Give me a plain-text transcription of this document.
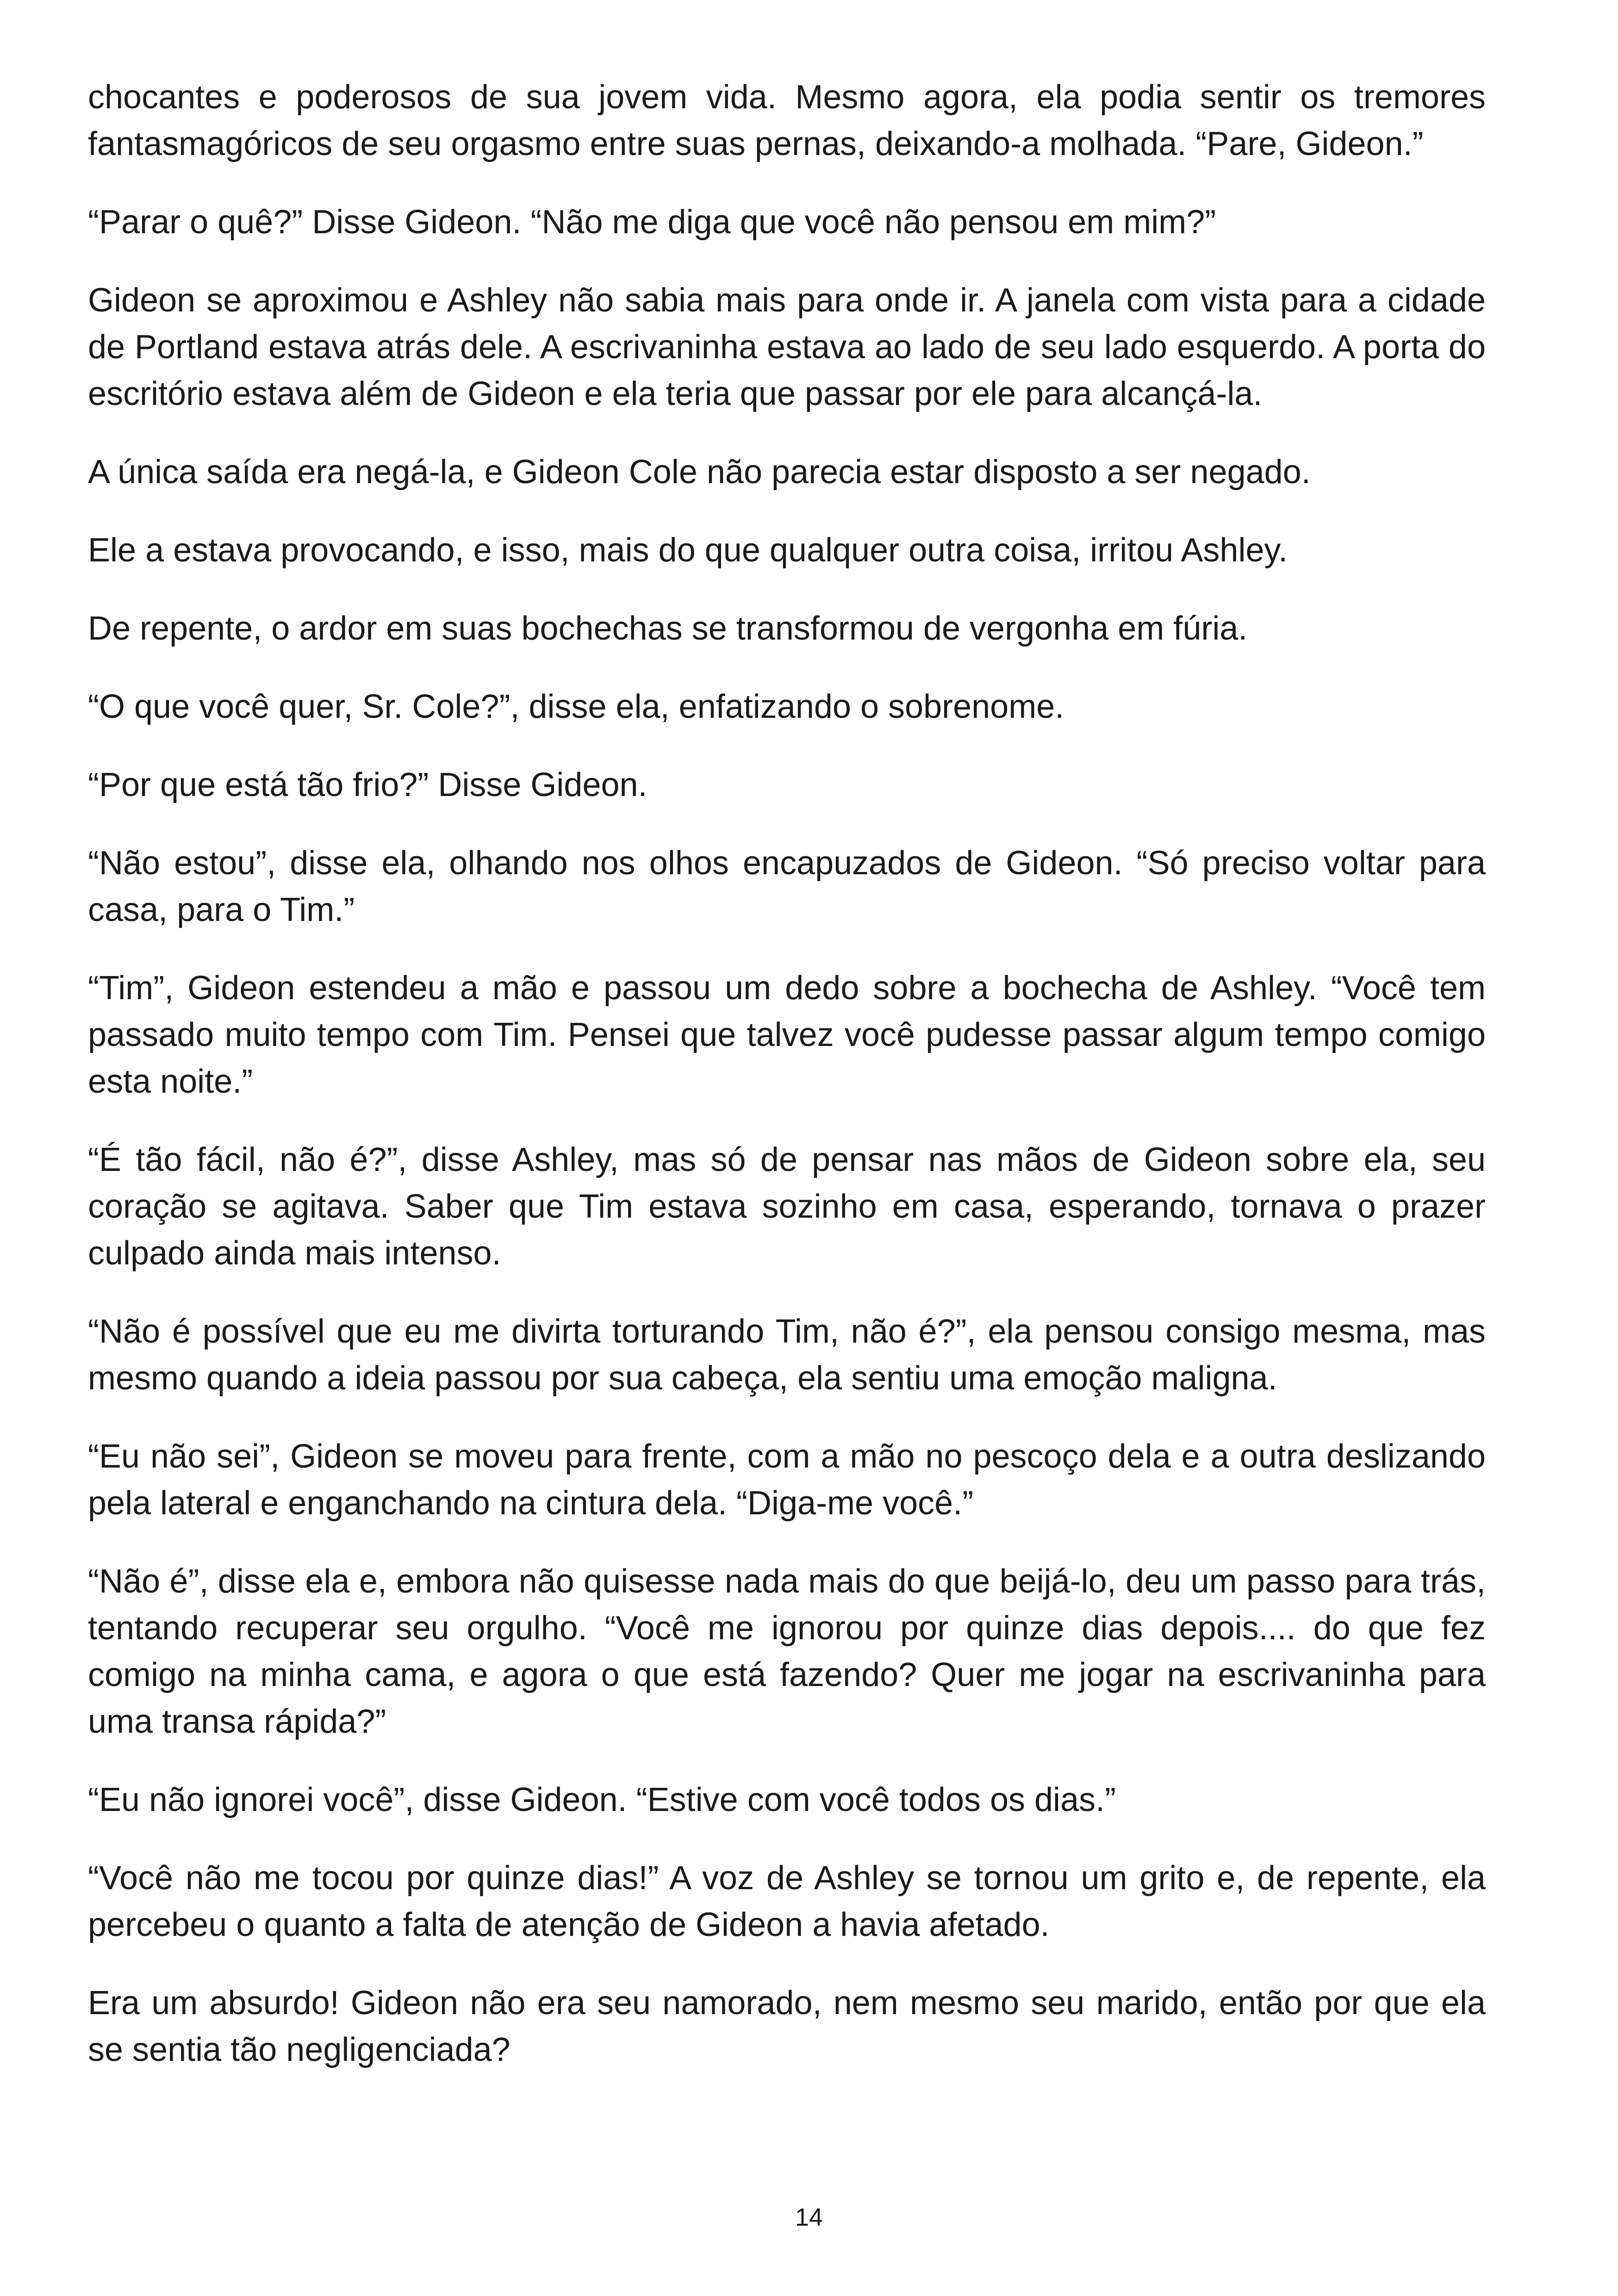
chocantes e poderosos de sua jovem vida. Mesmo agora, ela podia sentir os tremores fantasmagóricos de seu orgasmo entre suas pernas, deixando-a molhada. “Pare, Gideon.”

“Parar o quê?” Disse Gideon. “Não me diga que você não pensou em mim?”

Gideon se aproximou e Ashley não sabia mais para onde ir. A janela com vista para a cidade de Portland estava atrás dele. A escrivaninha estava ao lado de seu lado esquerdo. A porta do escritório estava além de Gideon e ela teria que passar por ele para alcançá-la.

A única saída era negá-la, e Gideon Cole não parecia estar disposto a ser negado.

Ele a estava provocando, e isso, mais do que qualquer outra coisa, irritou Ashley.

De repente, o ardor em suas bochechas se transformou de vergonha em fúria.

“O que você quer, Sr. Cole?”, disse ela, enfatizando o sobrenome.

“Por que está tão frio?” Disse Gideon.

“Não estou”, disse ela, olhando nos olhos encapuzados de Gideon. “Só preciso voltar para casa, para o Tim.”

“Tim”, Gideon estendeu a mão e passou um dedo sobre a bochecha de Ashley. “Você tem passado muito tempo com Tim. Pensei que talvez você pudesse passar algum tempo comigo esta noite.”

“É tão fácil, não é?”, disse Ashley, mas só de pensar nas mãos de Gideon sobre ela, seu coração se agitava. Saber que Tim estava sozinho em casa, esperando, tornava o prazer culpado ainda mais intenso.

“Não é possível que eu me divirta torturando Tim, não é?”, ela pensou consigo mesma, mas mesmo quando a ideia passou por sua cabeça, ela sentiu uma emoção maligna.

“Eu não sei”, Gideon se moveu para frente, com a mão no pescoço dela e a outra deslizando pela lateral e enganchando na cintura dela. “Diga-me você.”

“Não é”, disse ela e, embora não quisesse nada mais do que beijá-lo, deu um passo para trás, tentando recuperar seu orgulho. “Você me ignorou por quinze dias depois.... do que fez comigo na minha cama, e agora o que está fazendo? Quer me jogar na escrivaninha para uma transa rápida?”

“Eu não ignorei você”, disse Gideon. “Estive com você todos os dias.”

“Você não me tocou por quinze dias!” A voz de Ashley se tornou um grito e, de repente, ela percebeu o quanto a falta de atenção de Gideon a havia afetado.

Era um absurdo! Gideon não era seu namorado, nem mesmo seu marido, então por que ela se sentia tão negligenciada?

14
